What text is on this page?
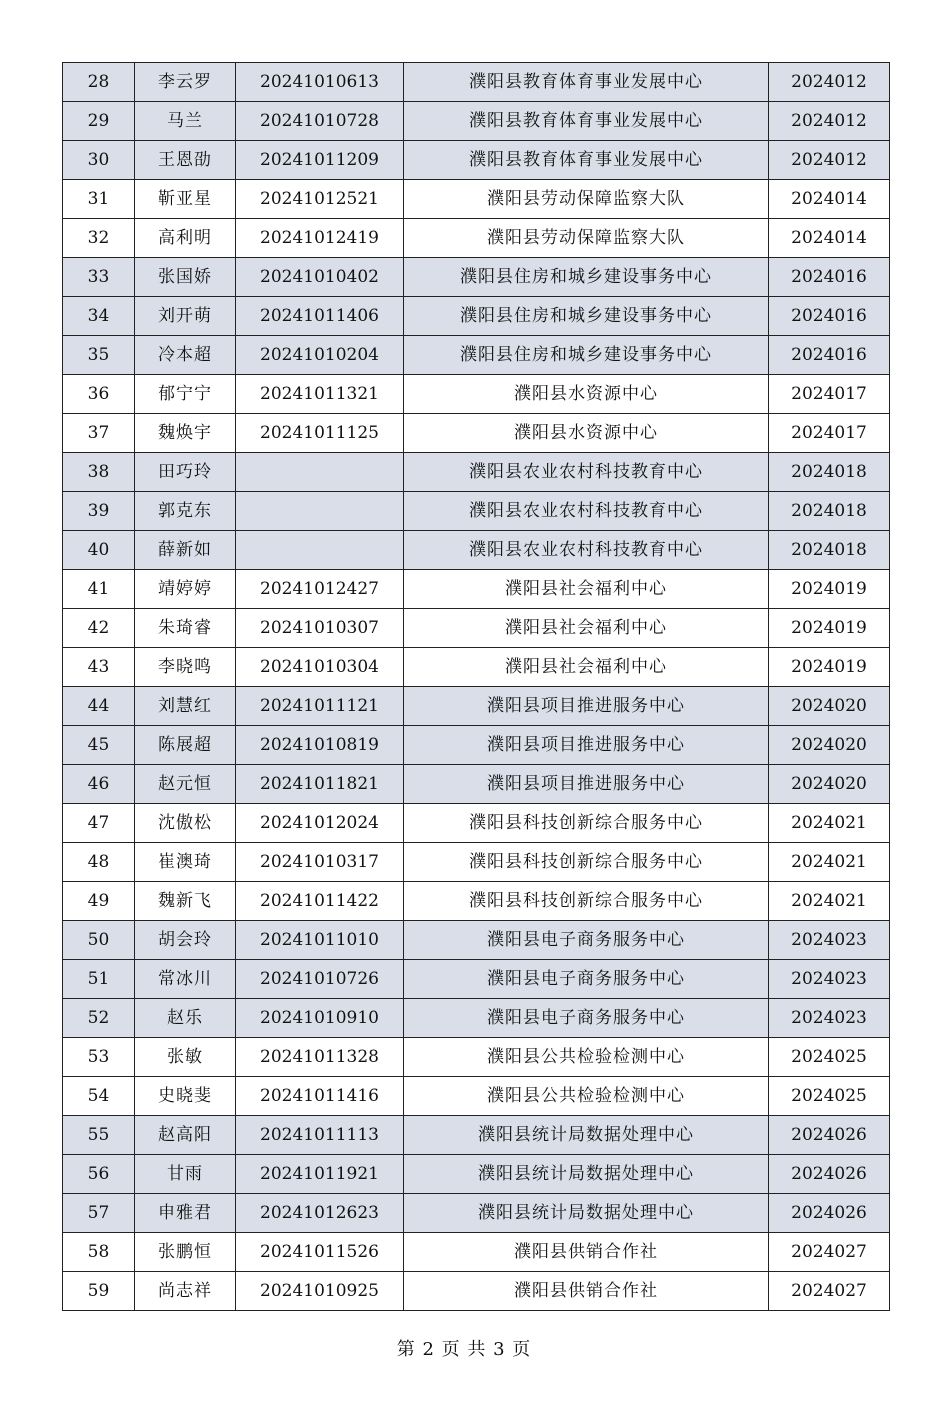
28	李云罗	20241010613	濮阳县教育体育事业发展中心	2024012
29	马兰	20241010728	濮阳县教育体育事业发展中心	2024012
30	王恩劭	20241011209	濮阳县教育体育事业发展中心	2024012
31	靳亚星	20241012521	濮阳县劳动保障监察大队	2024014
32	高利明	20241012419	濮阳县劳动保障监察大队	2024014
33	张国娇	20241010402	濮阳县住房和城乡建设事务中心	2024016
34	刘开萌	20241011406	濮阳县住房和城乡建设事务中心	2024016
35	冷本超	20241010204	濮阳县住房和城乡建设事务中心	2024016
36	郁宁宁	20241011321	濮阳县水资源中心	2024017
37	魏焕宇	20241011125	濮阳县水资源中心	2024017
38	田巧玲		濮阳县农业农村科技教育中心	2024018
39	郭克东		濮阳县农业农村科技教育中心	2024018
40	薛新如		濮阳县农业农村科技教育中心	2024018
41	靖婷婷	20241012427	濮阳县社会福利中心	2024019
42	朱琦睿	20241010307	濮阳县社会福利中心	2024019
43	李晓鸣	20241010304	濮阳县社会福利中心	2024019
44	刘慧红	20241011121	濮阳县项目推进服务中心	2024020
45	陈展超	20241010819	濮阳县项目推进服务中心	2024020
46	赵元恒	20241011821	濮阳县项目推进服务中心	2024020
47	沈傲松	20241012024	濮阳县科技创新综合服务中心	2024021
48	崔澳琦	20241010317	濮阳县科技创新综合服务中心	2024021
49	魏新飞	20241011422	濮阳县科技创新综合服务中心	2024021
50	胡会玲	20241011010	濮阳县电子商务服务中心	2024023
51	常冰川	20241010726	濮阳县电子商务服务中心	2024023
52	赵乐	20241010910	濮阳县电子商务服务中心	2024023
53	张敏	20241011328	濮阳县公共检验检测中心	2024025
54	史晓斐	20241011416	濮阳县公共检验检测中心	2024025
55	赵高阳	20241011113	濮阳县统计局数据处理中心	2024026
56	甘雨	20241011921	濮阳县统计局数据处理中心	2024026
57	申雅君	20241012623	濮阳县统计局数据处理中心	2024026
58	张鹏恒	20241011526	濮阳县供销合作社	2024027
59	尚志祥	20241010925	濮阳县供销合作社	2024027
第 2 页 共 3 页
